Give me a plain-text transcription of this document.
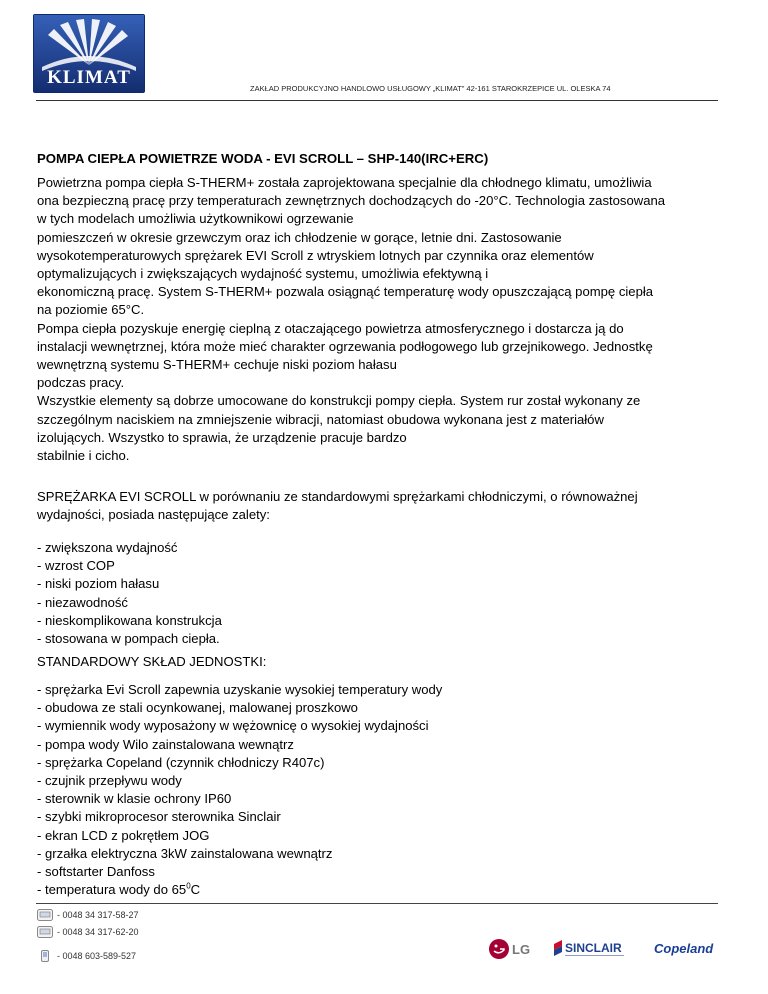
KLIMAT
ZAKŁAD PRODUKCYJNO HANDLOWO USŁUGOWY „KLIMAT” 42-161 STAROKRZEPICE UL. OLESKA 74
POMPA CIEPŁA POWIETRZE WODA - EVI SCROLL – SHP-140(IRC+ERC)

Powietrzna pompa ciepła S-THERM+ została zaprojektowana specjalnie dla chłodnego klimatu, umożliwia

ona bezpieczną pracę przy temperaturach zewnętrznych dochodzących do -20°C. Technologia zastosowana

w tych modelach umożliwia użytkownikowi ogrzewanie

pomieszczeń w okresie grzewczym oraz ich chłodzenie w gorące, letnie dni. Zastosowanie

wysokotemperaturowych sprężarek EVI Scroll z wtryskiem lotnych par czynnika oraz elementów

optymalizujących i zwiększających wydajność systemu, umożliwia efektywną i

ekonomiczną pracę. System S-THERM+ pozwala osiągnąć temperaturę wody opuszczającą pompę ciepła

na poziomie 65°C.

Pompa ciepła pozyskuje energię cieplną z otaczającego powietrza atmosferycznego i dostarcza ją do

instalacji wewnętrznej, która może mieć charakter ogrzewania podłogowego lub grzejnikowego. Jednostkę

wewnętrzną systemu S-THERM+ cechuje niski poziom hałasu

podczas pracy.

Wszystkie elementy są dobrze umocowane do konstrukcji pompy ciepła. System rur został wykonany ze

szczególnym naciskiem na zmniejszenie wibracji, natomiast obudowa wykonana jest z materiałów

izolujących. Wszystko to sprawia, że urządzenie pracuje bardzo

stabilnie i cicho.

SPRĘŻARKA EVI SCROLL w porównaniu ze standardowymi sprężarkami chłodniczymi, o równoważnej
wydajności, posiada następujące zalety:
- zwiększona wydajność
- wzrost COP
- niski poziom hałasu
- niezawodność
- nieskomplikowana konstrukcja
- stosowana w pompach ciepła.
STANDARDOWY SKŁAD JEDNOSTKI:
- sprężarka Evi Scroll zapewnia uzyskanie wysokiej temperatury wody
- obudowa ze stali ocynkowanej, malowanej proszkowo
- wymiennik wody wyposażony w wężownicę o wysokiej wydajności
- pompa wody Wilo zainstalowana wewnątrz
- sprężarka Copeland (czynnik chłodniczy R407c)
- czujnik przepływu wody
- sterownik w klasie ochrony IP60
- szybki mikroprocesor sterownika Sinclair
- ekran LCD z pokrętłem JOG
- grzałka elektryczna 3kW zainstalowana wewnątrz
- softstarter Danfoss
- temperatura wody do $65^0C$
- 0048 34 317-58-27
- 0048 34 317-62-20
- 0048 603-589-527	LG	SINCLAIR Copeland
